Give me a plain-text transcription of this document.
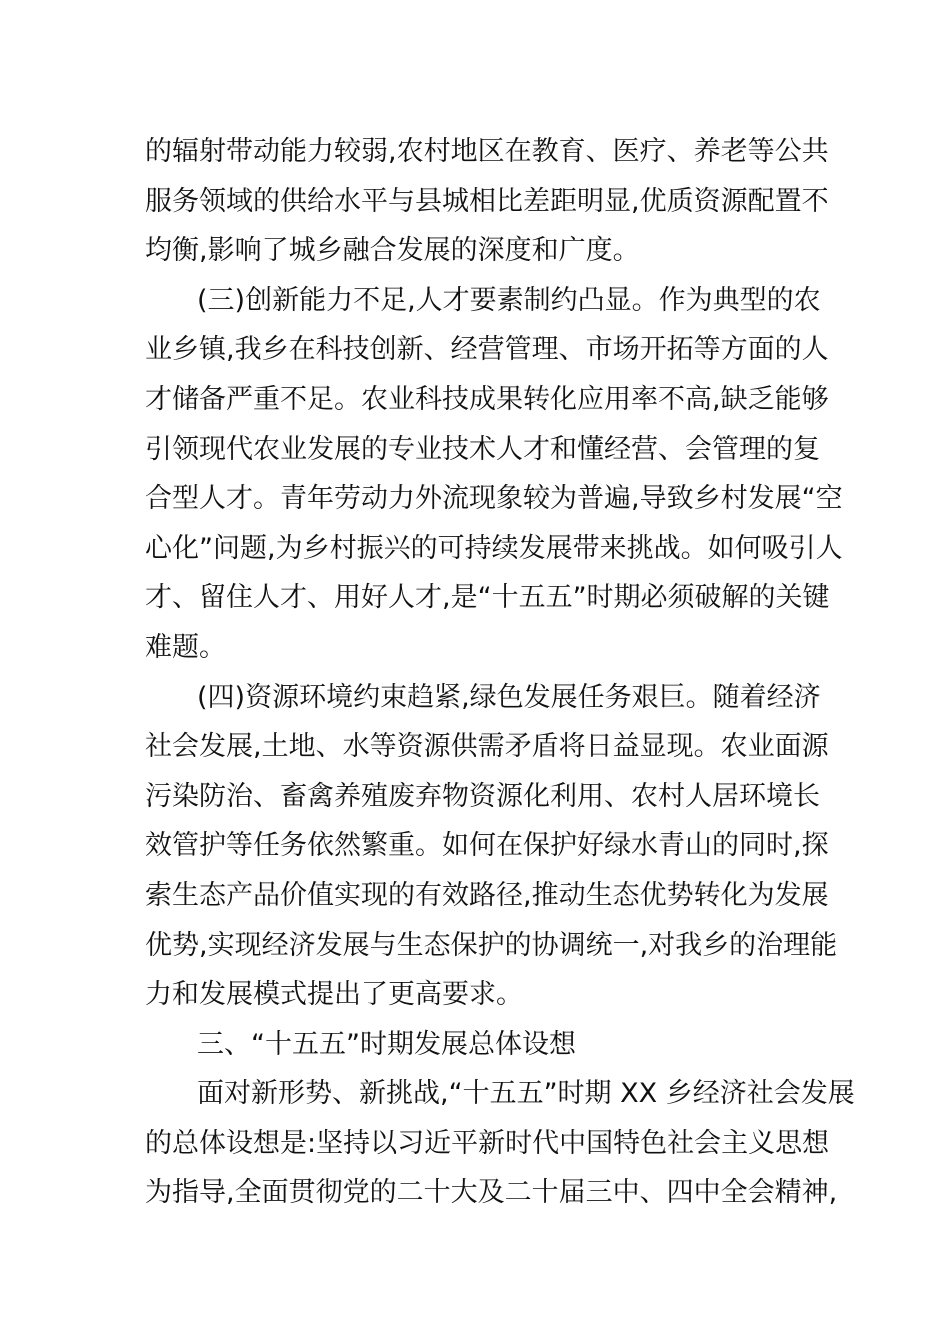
的辐射带动能力较弱,农村地区在教育、医疗、养老等公共
服务领域的供给水平与县城相比差距明显,优质资源配置不
均衡,影响了城乡融合发展的深度和广度。
(三)创新能力不足,人才要素制约凸显。作为典型的农
业乡镇,我乡在科技创新、经营管理、市场开拓等方面的人
才储备严重不足。农业科技成果转化应用率不高,缺乏能够
引领现代农业发展的专业技术人才和懂经营、会管理的复
合型人才。青年劳动力外流现象较为普遍,导致乡村发展“空
心化”问题,为乡村振兴的可持续发展带来挑战。如何吸引人
才、留住人才、用好人才,是“十五五”时期必须破解的关键
难题。
(四)资源环境约束趋紧,绿色发展任务艰巨。随着经济
社会发展,土地、水等资源供需矛盾将日益显现。农业面源
污染防治、畜禽养殖废弃物资源化利用、农村人居环境长
效管护等任务依然繁重。如何在保护好绿水青山的同时,探
索生态产品价值实现的有效路径,推动生态优势转化为发展
优势,实现经济发展与生态保护的协调统一,对我乡的治理能
力和发展模式提出了更高要求。
三、“十五五”时期发展总体设想
面对新形势、新挑战,“十五五”时期 XX 乡经济社会发展
的总体设想是:坚持以习近平新时代中国特色社会主义思想
为指导,全面贯彻党的二十大及二十届三中、四中全会精神,
